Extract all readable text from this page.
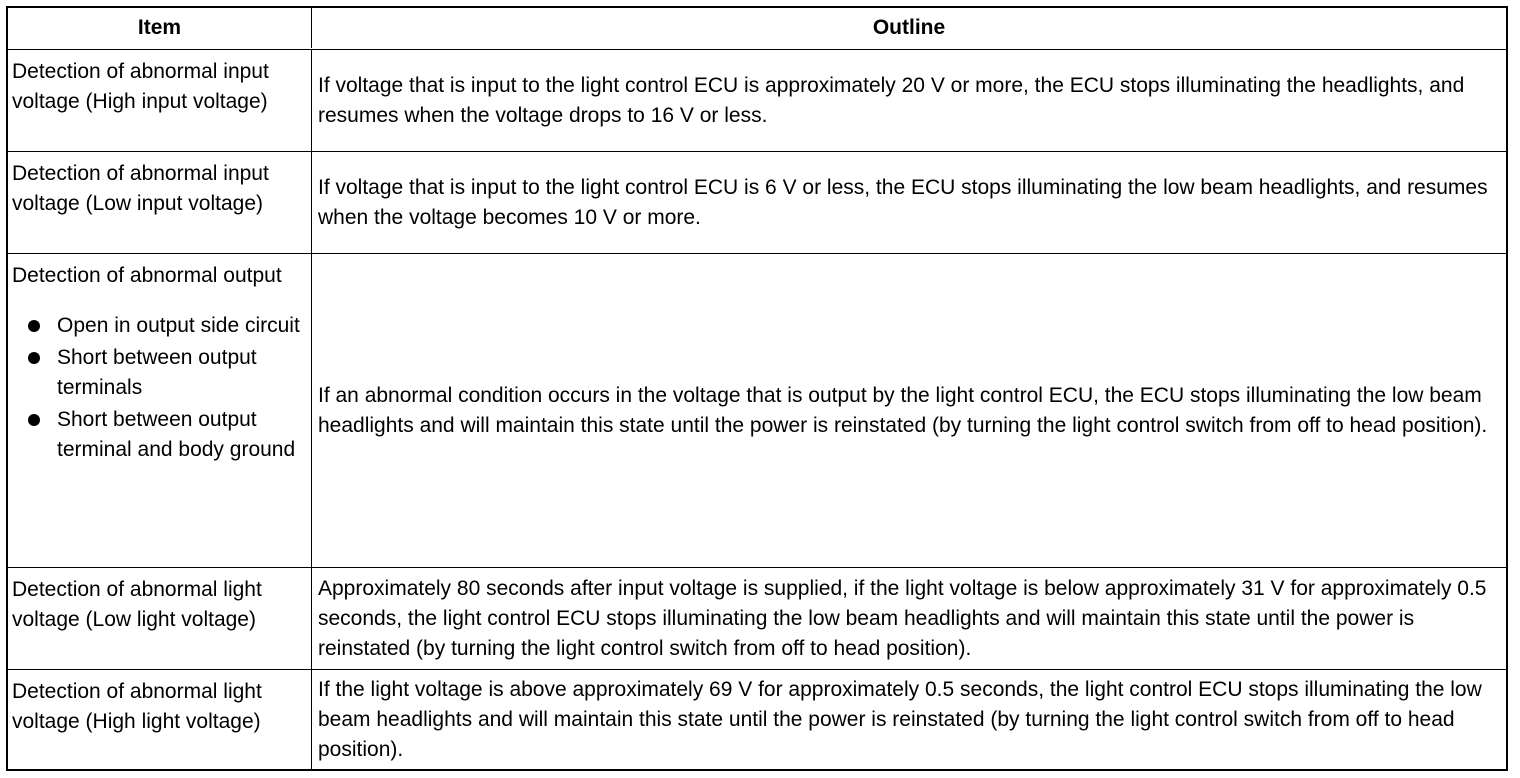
Item	Outline
Detection of abnormal input voltage (High input voltage)
If voltage that is input to the light control ECU is approximately 20 V or more, the ECU stops illuminating the headlights, and resumes when the voltage drops to 16 V or less.
Detection of abnormal input voltage (Low input voltage)
If voltage that is input to the light control ECU is 6 V or less, the ECU stops illuminating the low beam headlights, and resumes when the voltage becomes 10 V or more.
Detection of abnormal output
Open in output side circuit
Short between output terminals
Short between output terminal and body ground
If an abnormal condition occurs in the voltage that is output by the light control ECU, the ECU stops illuminating the low beam headlights and will maintain this state until the power is reinstated (by turning the light control switch from off to head position).
Detection of abnormal light voltage (Low light voltage)
Approximately 80 seconds after input voltage is supplied, if the light voltage is below approximately 31 V for approximately 0.5 seconds, the light control ECU stops illuminating the low beam headlights and will maintain this state until the power is reinstated (by turning the light control switch from off to head position).
Detection of abnormal light voltage (High light voltage)
If the light voltage is above approximately 69 V for approximately 0.5 seconds, the light control ECU stops illuminating the low beam headlights and will maintain this state until the power is reinstated (by turning the light control switch from off to head position).
